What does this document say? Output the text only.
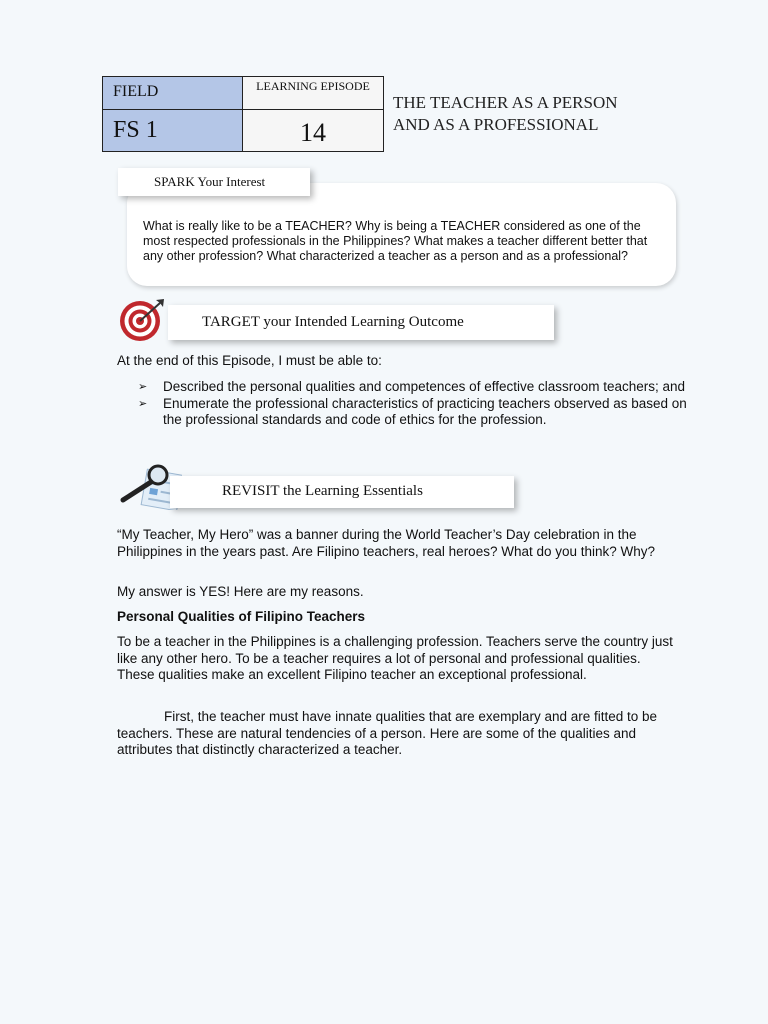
FIELD
FS 1
LEARNING EPISODE
14
THE TEACHER AS A PERSON
AND AS A PROFESSIONAL
What is really like to be a TEACHER? Why is being a TEACHER considered as one of the most respected professionals in the Philippines? What makes a teacher different better that any other profession? What characterized a teacher as a person and as a professional?
SPARK Your Interest
TARGET your Intended Learning Outcome
At the end of this Episode, I must be able to:
➢ Described the personal qualities and competences of effective classroom teachers; and
➢ Enumerate the professional characteristics of practicing teachers observed as based on the professional standards and code of ethics for the profession.
REVISIT the Learning Essentials
“My Teacher, My Hero” was a banner during the World Teacher’s Day celebration in the Philippines in the years past. Are Filipino teachers, real heroes? What do you think? Why?
My answer is YES! Here are my reasons.
Personal Qualities of Filipino Teachers
To be a teacher in the Philippines is a challenging profession. Teachers serve the country just like any other hero. To be a teacher requires a lot of personal and professional qualities. These qualities make an excellent Filipino teacher an exceptional professional.
First, the teacher must have innate qualities that are exemplary and are fitted to be teachers. These are natural tendencies of a person. Here are some of the qualities and attributes that distinctly characterized a teacher.
